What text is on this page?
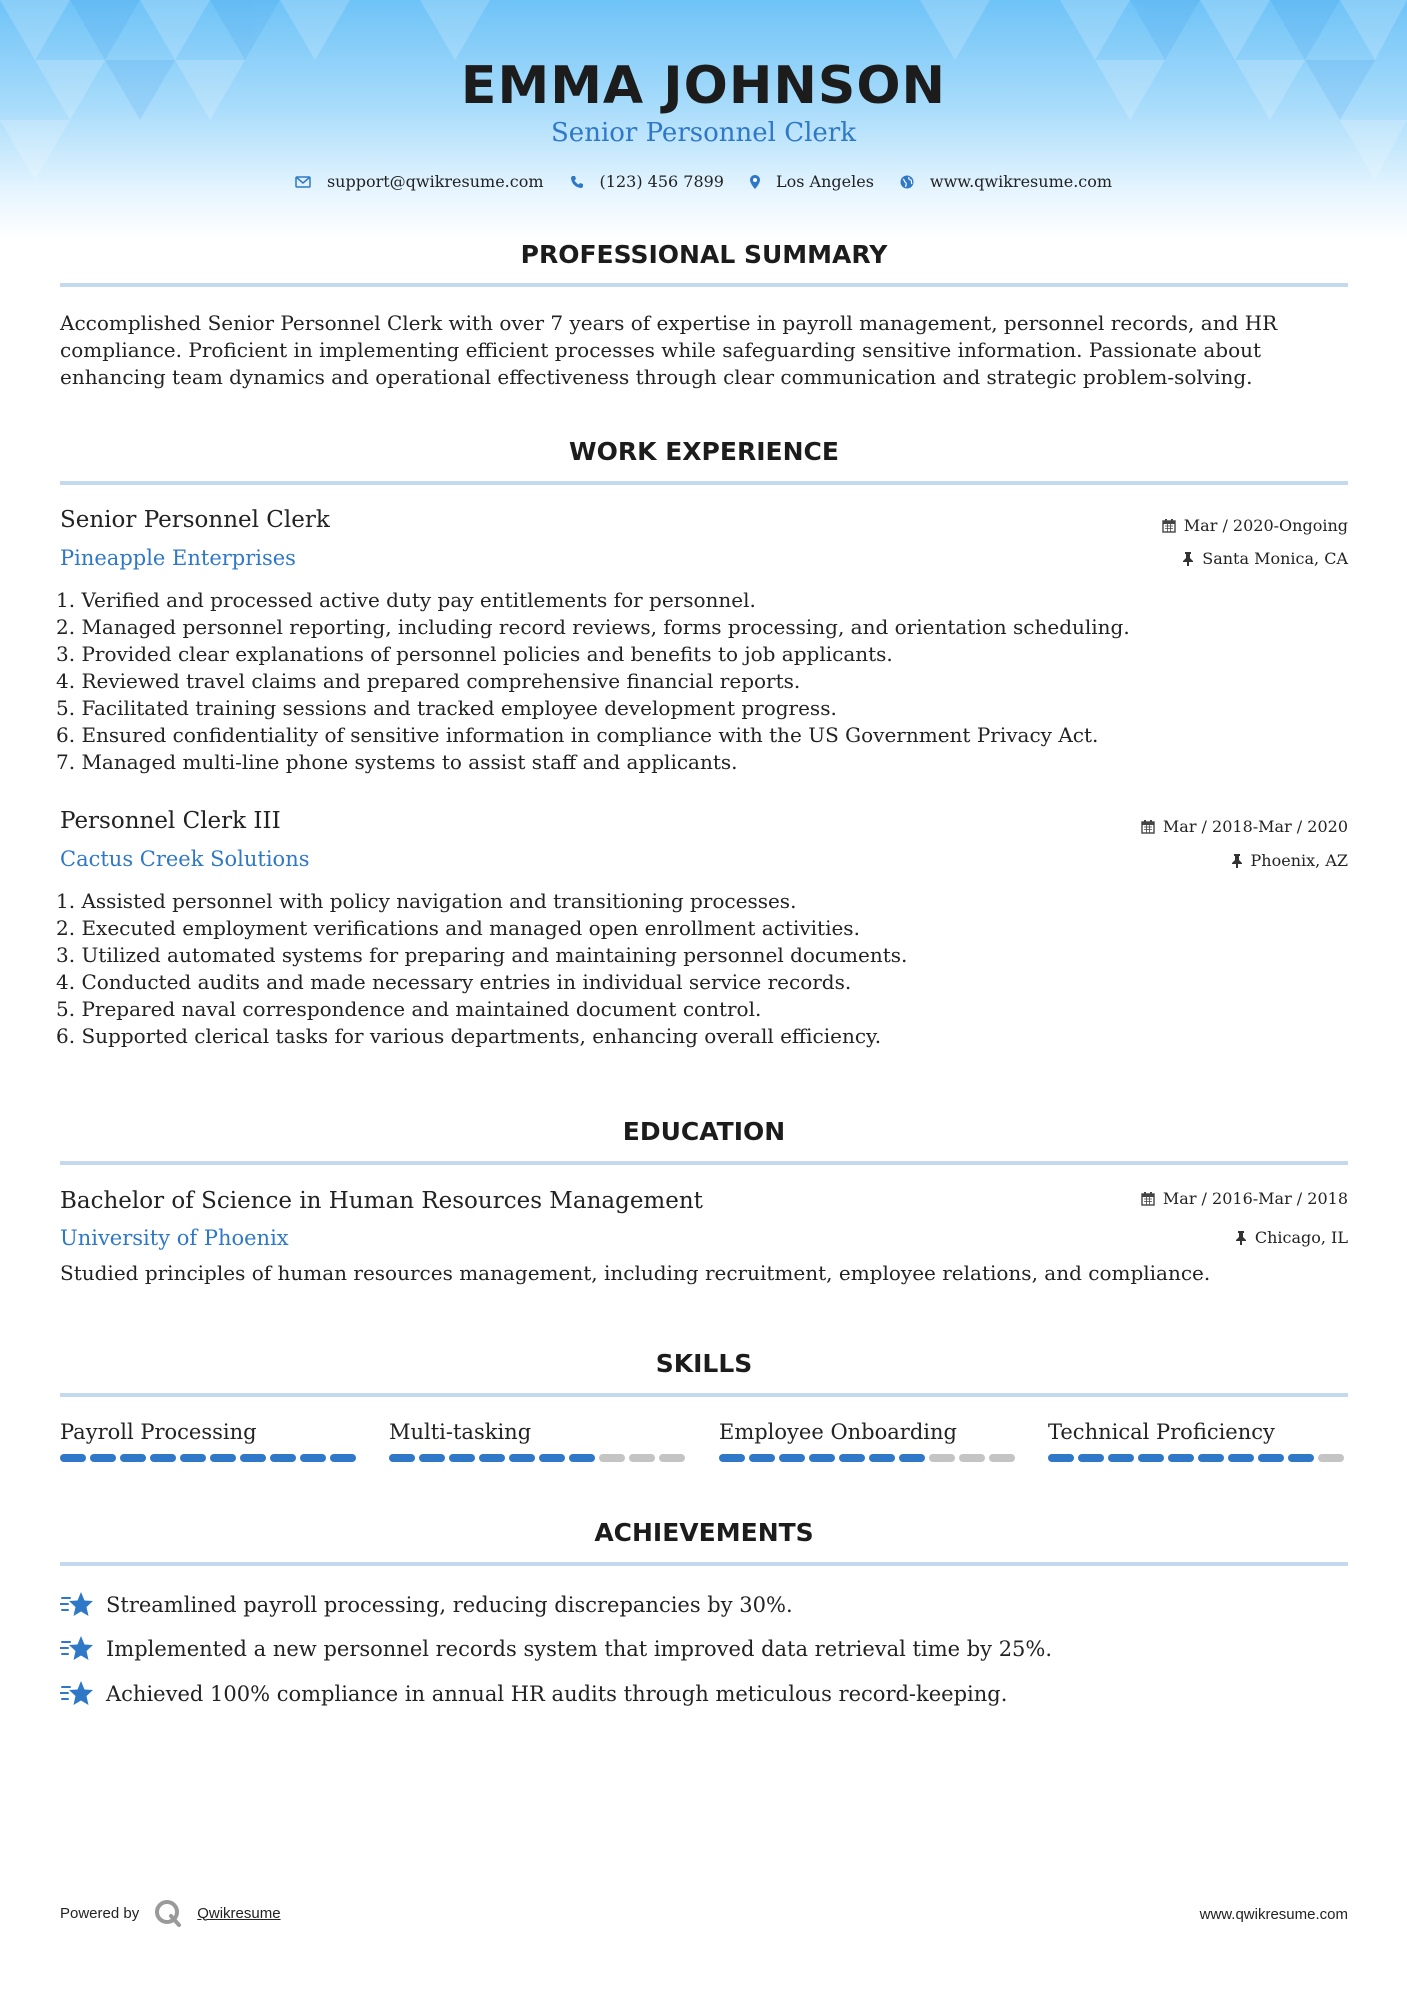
EMMA JOHNSON
Senior Personnel Clerk
support@qwikresume.com	(123) 456 7899	Los Angeles	www.qwikresume.com
PROFESSIONAL SUMMARY
Accomplished Senior Personnel Clerk with over 7 years of expertise in payroll management, personnel records, and HR compliance. Proficient in implementing efficient processes while safeguarding sensitive information. Passionate about enhancing team dynamics and operational effectiveness through clear communication and strategic problem-solving.
WORK EXPERIENCE
Senior Personnel Clerk
Pineapple Enterprises
Mar / 2020-Ongoing
Santa Monica, CA
1. Verified and processed active duty pay entitlements for personnel.
2. Managed personnel reporting, including record reviews, forms processing, and orientation scheduling.
3. Provided clear explanations of personnel policies and benefits to job applicants.
4. Reviewed travel claims and prepared comprehensive financial reports.
5. Facilitated training sessions and tracked employee development progress.
6. Ensured confidentiality of sensitive information in compliance with the US Government Privacy Act.
7. Managed multi-line phone systems to assist staff and applicants.
Personnel Clerk III
Cactus Creek Solutions
Mar / 2018-Mar / 2020
Phoenix, AZ
1. Assisted personnel with policy navigation and transitioning processes.
2. Executed employment verifications and managed open enrollment activities.
3. Utilized automated systems for preparing and maintaining personnel documents.
4. Conducted audits and made necessary entries in individual service records.
5. Prepared naval correspondence and maintained document control.
6. Supported clerical tasks for various departments, enhancing overall efficiency.
EDUCATION
Bachelor of Science in Human Resources Management
University of Phoenix
Mar / 2016-Mar / 2018
Chicago, IL
Studied principles of human resources management, including recruitment, employee relations, and compliance.
SKILLS
Payroll Processing	Multi-tasking	Employee Onboarding	Technical Proficiency
ACHIEVEMENTS
Streamlined payroll processing, reducing discrepancies by 30%.
Implemented a new personnel records system that improved data retrieval time by 25%.
Achieved 100% compliance in annual HR audits through meticulous record-keeping.
Powered by	Qwikresume	www.qwikresume.com
